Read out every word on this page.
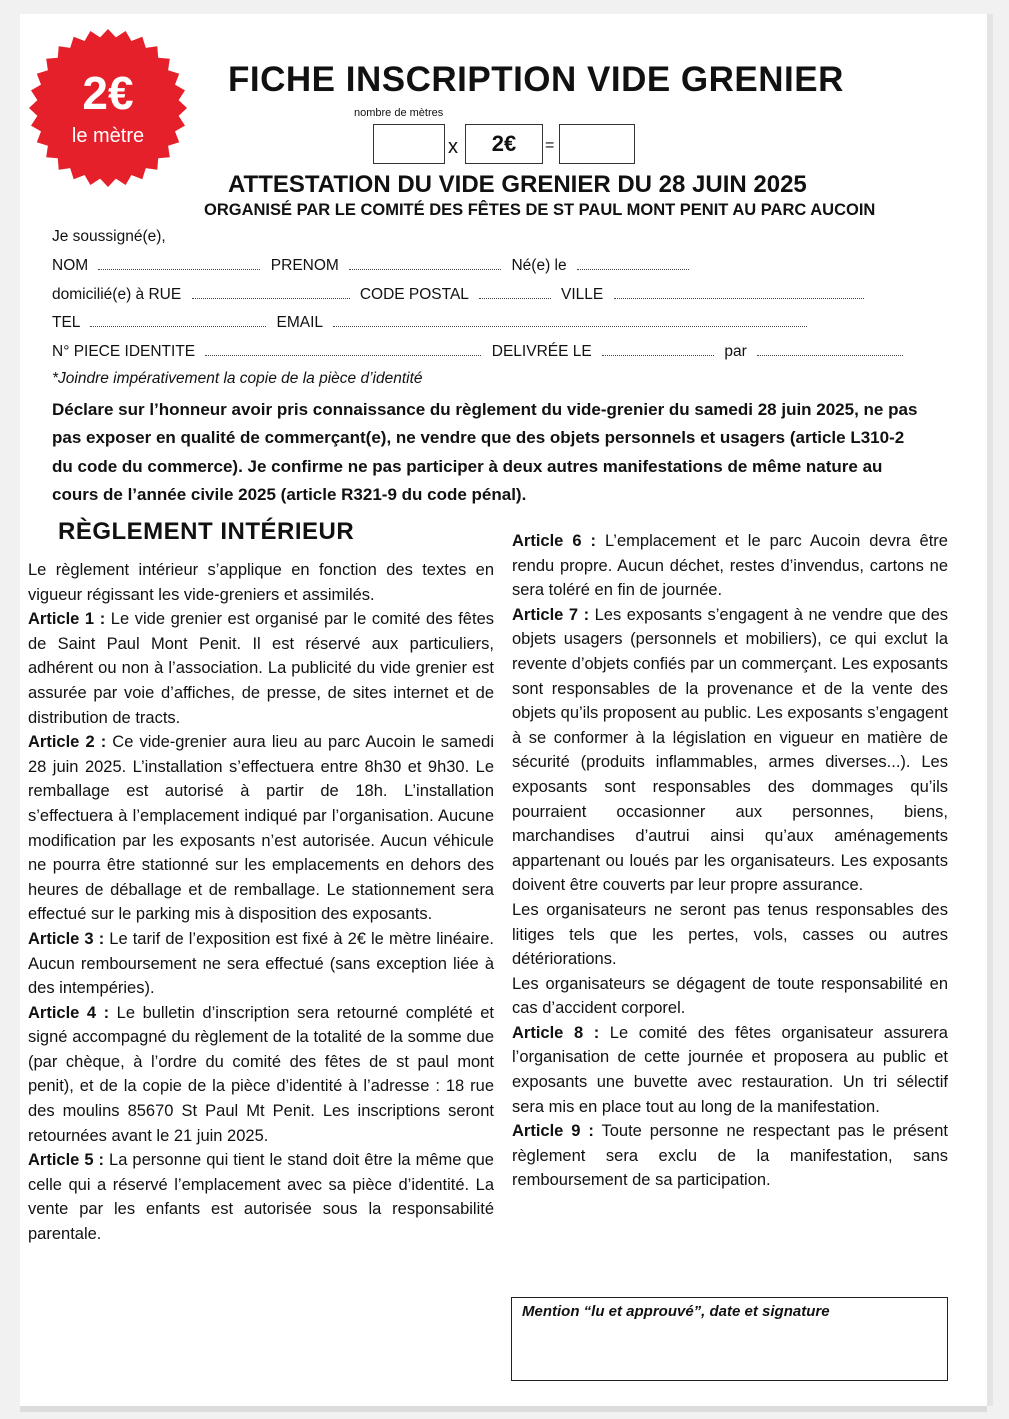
2€
le mètre
FICHE INSCRIPTION VIDE GRENIER
nombre de mètres
x	2€	=
ATTESTATION DU VIDE GRENIER DU 28 JUIN 2025
ORGANISÉ PAR LE COMITÉ DES FÊTES DE ST PAUL MONT PENIT AU PARC AUCOIN
Je soussigné(e),
NOM	PRENOM	Né(e) le
domicilié(e) à RUE	CODE POSTAL	VILLE
TEL	EMAIL
N° PIECE IDENTITE	DELIVRÉE LE	par
*Joindre impérativement la copie de la pièce d’identité
Déclare sur l’honneur avoir pris connaissance du règlement du vide-grenier du samedi 28 juin 2025, ne pas pas exposer en qualité de commerçant(e), ne vendre que des objets personnels et usagers (article L310-2 du code du commerce). Je confirme ne pas participer à deux autres manifestations de même nature au cours de l’année civile 2025 (article R321-9 du code pénal).
RÈGLEMENT INTÉRIEUR

Le règlement intérieur s’applique en fonction des textes en vigueur régissant les vide-greniers et assimilés.

Article 1 : Le vide grenier est organisé par le comité des fêtes de Saint Paul Mont Penit. Il est réservé aux particuliers, adhérent ou non à l’association. La publicité du vide grenier est assurée par voie d’affiches, de presse, de sites internet et de distribution de tracts.

Article 2 : Ce vide-grenier aura lieu au parc Aucoin le samedi 28 juin 2025. L’installation s’effectuera entre 8h30 et 9h30. Le remballage est autorisé à partir de 18h. L’installation s’effectuera à l’emplacement indiqué par l’organisation. Aucune modification par les exposants n’est autorisée. Aucun véhicule ne pourra être stationné sur les emplacements en dehors des heures de déballage et de remballage. Le stationnement sera effectué sur le parking mis à disposition des exposants.

Article 3 : Le tarif de l’exposition est fixé à 2€ le mètre linéaire. Aucun remboursement ne sera effectué (sans exception liée à des intempéries).

Article 4 : Le bulletin d’inscription sera retourné complété et signé accompagné du règlement de la totalité de la somme due (par chèque, à l’ordre du comité des fêtes de st paul mont penit), et de la copie de la pièce d’identité à l’adresse : 18 rue des moulins 85670 St Paul Mt Penit. Les inscriptions seront retournées avant le 21 juin 2025.

Article 5 : La personne qui tient le stand doit être la même que celle qui a réservé l’emplacement avec sa pièce d’identité. La vente par les enfants est autorisée sous la responsabilité parentale.

Article 6 : L’emplacement et le parc Aucoin devra être rendu propre. Aucun déchet, restes d’invendus, cartons ne sera toléré en fin de journée.

Article 7 : Les exposants s’engagent à ne vendre que des objets usagers (personnels et mobiliers), ce qui exclut la revente d’objets confiés par un commerçant. Les exposants sont responsables de la provenance et de la vente des objets qu’ils proposent au public. Les exposants s’engagent à se conformer à la législation en vigueur en matière de sécurité (produits inflammables, armes diverses...). Les exposants sont responsables des dommages qu’ils pourraient occasionner aux personnes, biens, marchandises d’autrui ainsi qu’aux aménagements appartenant ou loués par les organisateurs. Les exposants doivent être couverts par leur propre assurance.

Les organisateurs ne seront pas tenus responsables des litiges tels que les pertes, vols, casses ou autres détériorations.

Les organisateurs se dégagent de toute responsabilité en cas d’accident corporel.

Article 8 : Le comité des fêtes organisateur assurera l’organisation de cette journée et proposera au public et exposants une buvette avec restauration. Un tri sélectif sera mis en place tout au long de la manifestation.

Article 9 : Toute personne ne respectant pas le présent règlement sera exclu de la manifestation, sans remboursement de sa participation.

Mention “lu et approuvé”, date et signature
